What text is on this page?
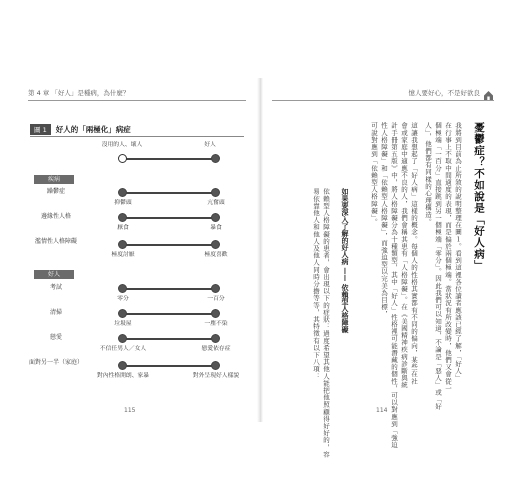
第 4 章 「好人」是種病，為什麼？
圖 1	好人的「兩極化」病症
沒用的人、壞人	好人
疾病
躁鬱症
抑鬱頭	亢奮頭
邊緣性人格
厭食	暴食
濫情性人格障礙
極度討厭	極度喜歡
好人
考試
零分	一百分
清掃
垃圾屋	一塵不染
戀愛
不信任男人／女人	戀愛依存症
面對另一半（家庭）
對內性格開朗、家暴	對外呈現好人樣貌
115
憶人要好心，不是好欲良
憂鬱症？不如說是「好人病」
我將到目前為止所敘的說明整理在圖１。看到這裡各位讀者應該已經了解，「好人」
在行事上不取中間適度的表現，而是偏於兩個極端。當狀況有所改變時，他們又會從一
個極端「一百分」直接跳到另一個極端「零分」。因此我們可以知道，不論是「惡人」或「好
人」，他們都有同樣的心理構造。
這讓我想起了「好人病」這樣的概念。每個人的性格其實都有不同的偏向，某些在社
會或家庭中適應不良的人，我們會稱其患有「人格障礙」。在《美國精神疾病診斷與統
計手冊第五版》中，將人格障礙分為十種類型，其中「好人」性格裡可能潛藏的個性，可以對應到「強迫
性人格障礙」和「依賴型人格障礙」，而強迫型以完美為目標，
可說對應到「依賴型人格障礙」。
如果要深入了解的好人病 —— 依賴型人格障礙
依賴型人格障礙的患者，會出現以下的症狀：過度希望其他人能把他照顧得好好的，容
易依靠他人和他人及他人同時分擔等等，其特徵有以下八項：
114
